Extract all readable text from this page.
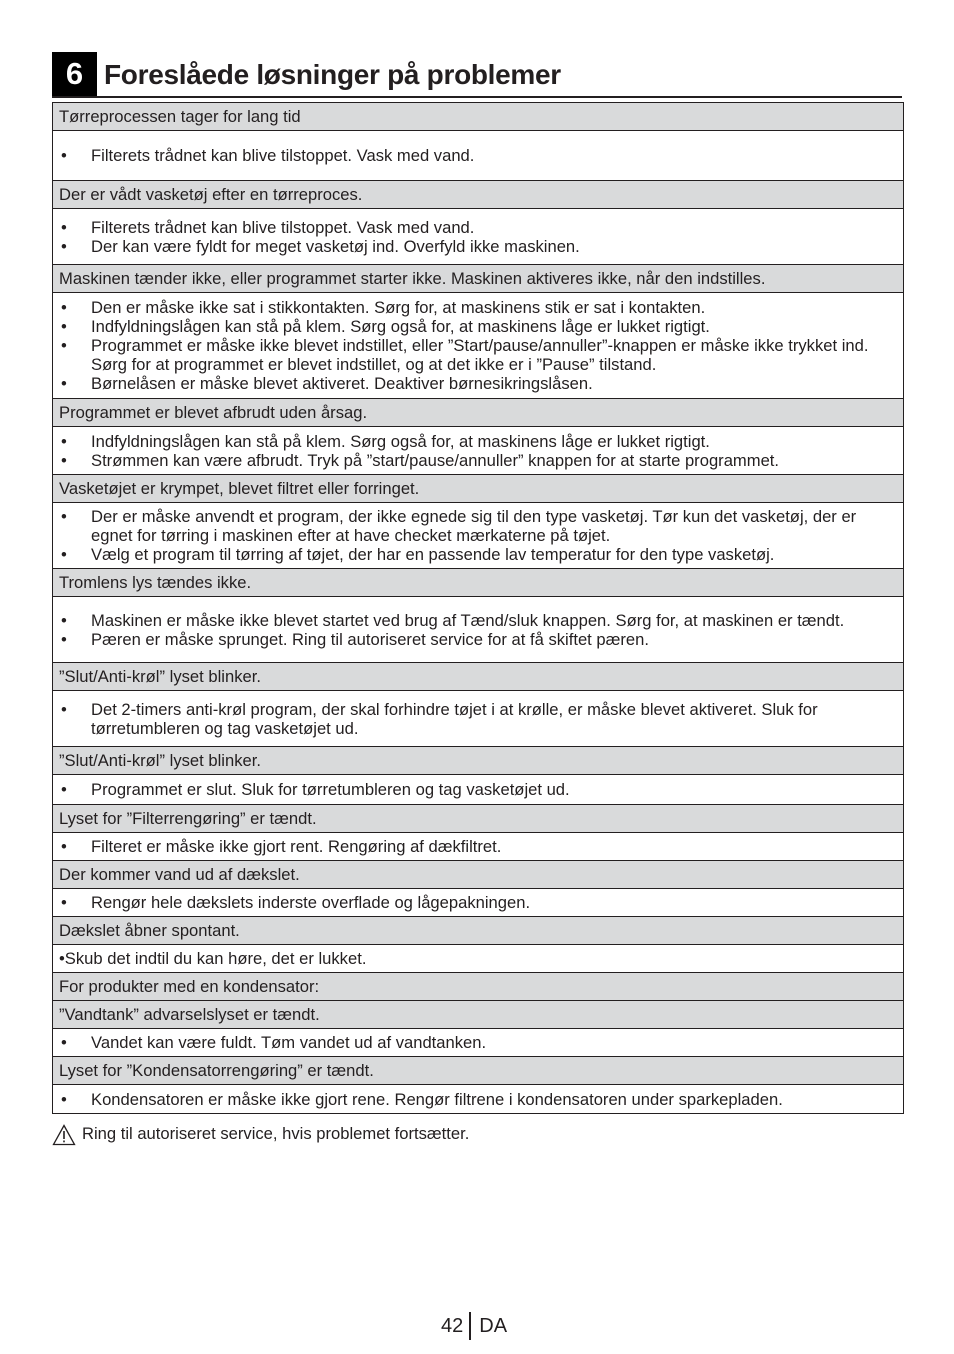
6 Foreslåede løsninger på problemer
Tørreprocessen tager for lang tid
• Filterets trådnet kan blive tilstoppet. Vask med vand.
Der er vådt vasketøj efter en tørreproces.
• Filterets trådnet kan blive tilstoppet. Vask med vand.
• Der kan være fyldt for meget vasketøj ind. Overfyld ikke maskinen.
Maskinen tænder ikke, eller programmet starter ikke. Maskinen aktiveres ikke, når den indstilles.
• Den er måske ikke sat i stikkontakten. Sørg for, at maskinens stik er sat i kontakten.
• Indfyldningslågen kan stå på klem. Sørg også for, at maskinens låge er lukket rigtigt.
• Programmet er måske ikke blevet indstillet, eller ”Start/pause/annuller”-knappen er måske ikke trykket ind. Sørg for at programmet er blevet indstillet, og at det ikke er i ”Pause” tilstand.
• Børnelåsen er måske blevet aktiveret. Deaktiver børnesikringslåsen.
Programmet er blevet afbrudt uden årsag.
• Indfyldningslågen kan stå på klem. Sørg også for, at maskinens låge er lukket rigtigt.
• Strømmen kan være afbrudt. Tryk på ”start/pause/annuller” knappen for at starte programmet.
Vasketøjet er krympet, blevet filtret eller forringet.
• Der er måske anvendt et program, der ikke egnede sig til den type vasketøj. Tør kun det vasketøj, der er egnet for tørring i maskinen efter at have checket mærkaterne på tøjet.
• Vælg et program til tørring af tøjet, der har en passende lav temperatur for den type vasketøj.
Tromlens lys tændes ikke.
• Maskinen er måske ikke blevet startet ved brug af Tænd/sluk knappen. Sørg for, at maskinen er tændt.
• Pæren er måske sprunget. Ring til autoriseret service for at få skiftet pæren.
”Slut/Anti-krøl” lyset blinker.
• Det 2-timers anti-krøl program, der skal forhindre tøjet i at krølle, er måske blevet aktiveret. Sluk for tørretumbleren og tag vasketøjet ud.
”Slut/Anti-krøl” lyset blinker.
• Programmet er slut. Sluk for tørretumbleren og tag vasketøjet ud.
Lyset for ”Filterrengøring” er tændt.
• Filteret er måske ikke gjort rent. Rengøring af dækfiltret.
Der kommer vand ud af dækslet.
• Rengør hele dækslets inderste overflade og lågepakningen.
Dækslet åbner spontant.
•Skub det indtil du kan høre, det er lukket.
For produkter med en kondensator:
”Vandtank” advarselslyset er tændt.
• Vandet kan være fuldt. Tøm vandet ud af vandtanken.
Lyset for ”Kondensatorrengøring” er tændt.
• Kondensatoren er måske ikke gjort rene. Rengør filtrene i kondensatoren under sparkepladen.
Ring til autoriseret service, hvis problemet fortsætter.
42 DA
